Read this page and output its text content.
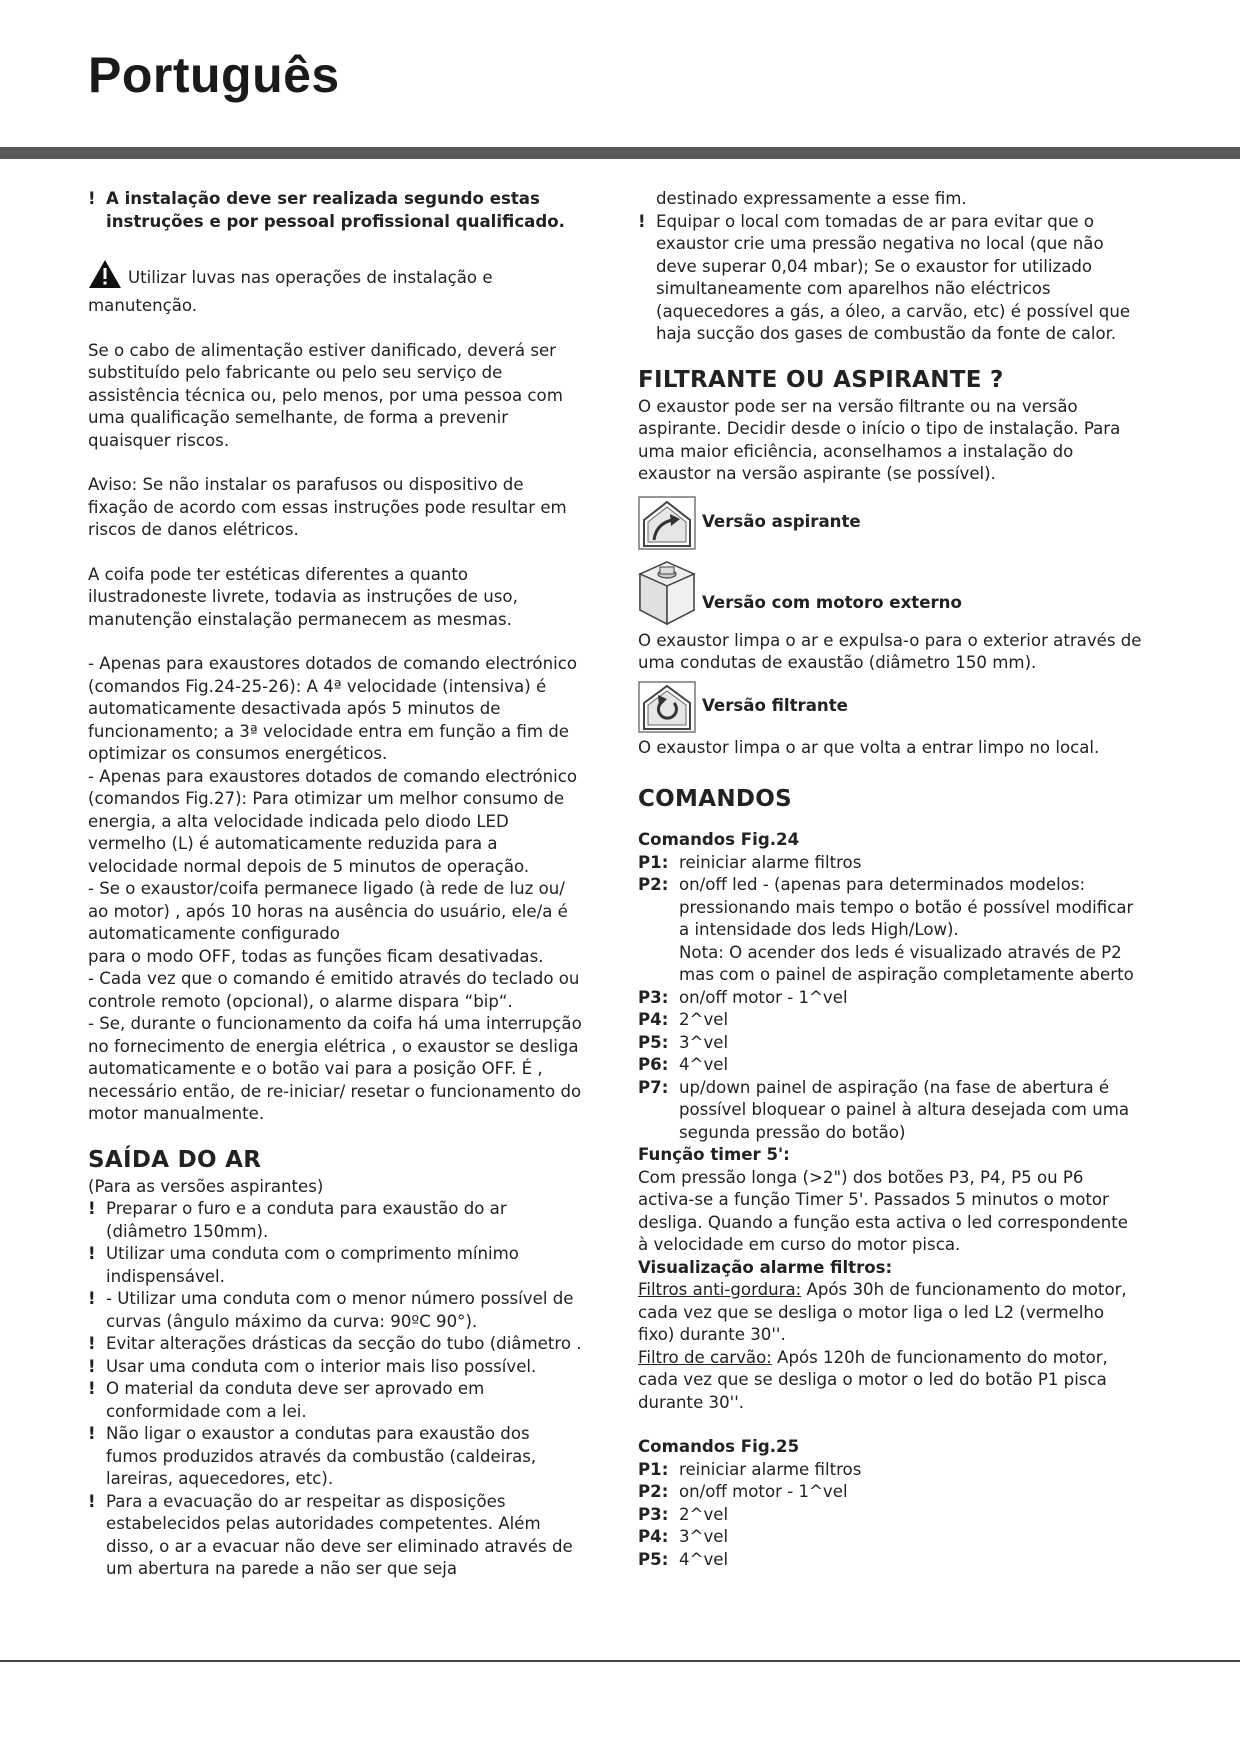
Português
! A instalação deve ser realizada segundo estas instruções e por pessoal profissional qualificado.
Utilizar luvas nas operações de instalação e

manutenção.

Se o cabo de alimentação estiver danificado, deverá ser substituído pelo fabricante ou pelo seu serviço de assistência técnica ou, pelo menos, por uma pessoa com uma qualificação semelhante, de forma a prevenir quaisquer riscos.

Aviso: Se não instalar os parafusos ou dispositivo de fixação de acordo com essas instruções pode resultar em riscos de danos elétricos.

A coifa pode ter estéticas diferentes a quanto ilustradoneste livrete, todavia as instruções de uso, manutenção einstalação permanecem as mesmas.

- Apenas para exaustores dotados de comando electrónico (comandos Fig.24-25-26): A 4ª velocidade (intensiva) é automaticamente desactivada após 5 minutos de funcionamento; a 3ª velocidade entra em função a fim de optimizar os consumos energéticos.

- Apenas para exaustores dotados de comando electrónico (comandos Fig.27): Para otimizar um melhor consumo de energia, a alta velocidade indicada pelo diodo LED vermelho (L) é automaticamente reduzida para a velocidade normal depois de 5 minutos de operação.

- Se o exaustor/coifa permanece ligado (à rede de luz ou/ ao motor) , após 10 horas na ausência do usuário, ele/a é automaticamente configurado

para o modo OFF, todas as funções ficam desativadas.

- Cada vez que o comando é emitido através do teclado ou controle remoto (opcional), o alarme dispara “bip“.

- Se, durante o funcionamento da coifa há uma interrupção no fornecimento de energia elétrica , o exaustor se desliga automaticamente e o botão vai para a posição OFF. É , necessário então, de re-iniciar/ resetar o funcionamento do motor manualmente.

SAÍDA DO AR

(Para as versões aspirantes)

! Preparar o furo e a conduta para exaustão do ar (diâmetro 150mm).
! Utilizar uma conduta com o comprimento mínimo indispensável.
! - Utilizar uma conduta com o menor número possível de curvas (ângulo máximo da curva: 90ºC 90°).
! Evitar alterações drásticas da secção do tubo (diâmetro .
! Usar uma conduta com o interior mais liso possível.
! O material da conduta deve ser aprovado em conformidade com a lei.
! Não ligar o exaustor a condutas para exaustão dos fumos produzidos através da combustão (caldeiras, lareiras, aquecedores, etc).
! Para a evacuação do ar respeitar as disposições estabelecidos pelas autoridades competentes. Além disso, o ar a evacuar não deve ser eliminado através de um abertura na parede a não ser que seja

destinado expressamente a esse fim.

! Equipar o local com tomadas de ar para evitar que o exaustor crie uma pressão negativa no local (que não deve superar 0,04 mbar); Se o exaustor for utilizado simultaneamente com aparelhos não eléctricos (aquecedores a gás, a óleo, a carvão, etc) é possível que haja sucção dos gases de combustão da fonte de calor.
FILTRANTE OU ASPIRANTE ?

O exaustor pode ser na versão filtrante ou na versão aspirante. Decidir desde o início o tipo de instalação. Para uma maior eficiência, aconselhamos a instalação do exaustor na versão aspirante (se possível).

Versão aspirante
Versão com motoro externo

O exaustor limpa o ar e expulsa-o para o exterior através de uma condutas de exaustão (diâmetro 150 mm).

Versão filtrante

O exaustor limpa o ar que volta a entrar limpo no local.

COMANDOS

Comandos Fig.24

P1: reiniciar alarme filtros
P2: on/off led - (apenas para determinados modelos: pressionando mais tempo o botão é possível modificar a intensidade dos leds High/Low).
Nota: O acender dos leds é visualizado através de P2 mas com o painel de aspiração completamente aberto
P3: on/off motor - 1^vel
P4: 2^vel
P5: 3^vel
P6: 4^vel
P7: up/down painel de aspiração (na fase de abertura é possível bloquear o painel à altura desejada com uma segunda pressão do botão)

Função timer 5':

Com pressão longa (>2") dos botões P3, P4, P5 ou P6 activa-se a função Timer 5'. Passados 5 minutos o motor desliga. Quando a função esta activa o led correspondente à velocidade em curso do motor pisca.

Visualização alarme filtros:

Filtros anti-gordura: Após 30h de funcionamento do motor, cada vez que se desliga o motor liga o led L2 (vermelho fixo) durante 30''.

Filtro de carvão: Após 120h de funcionamento do motor, cada vez que se desliga o motor o led do botão P1 pisca durante 30''.

Comandos Fig.25

P1: reiniciar alarme filtros
P2: on/off motor - 1^vel
P3: 2^vel
P4: 3^vel
P5: 4^vel
